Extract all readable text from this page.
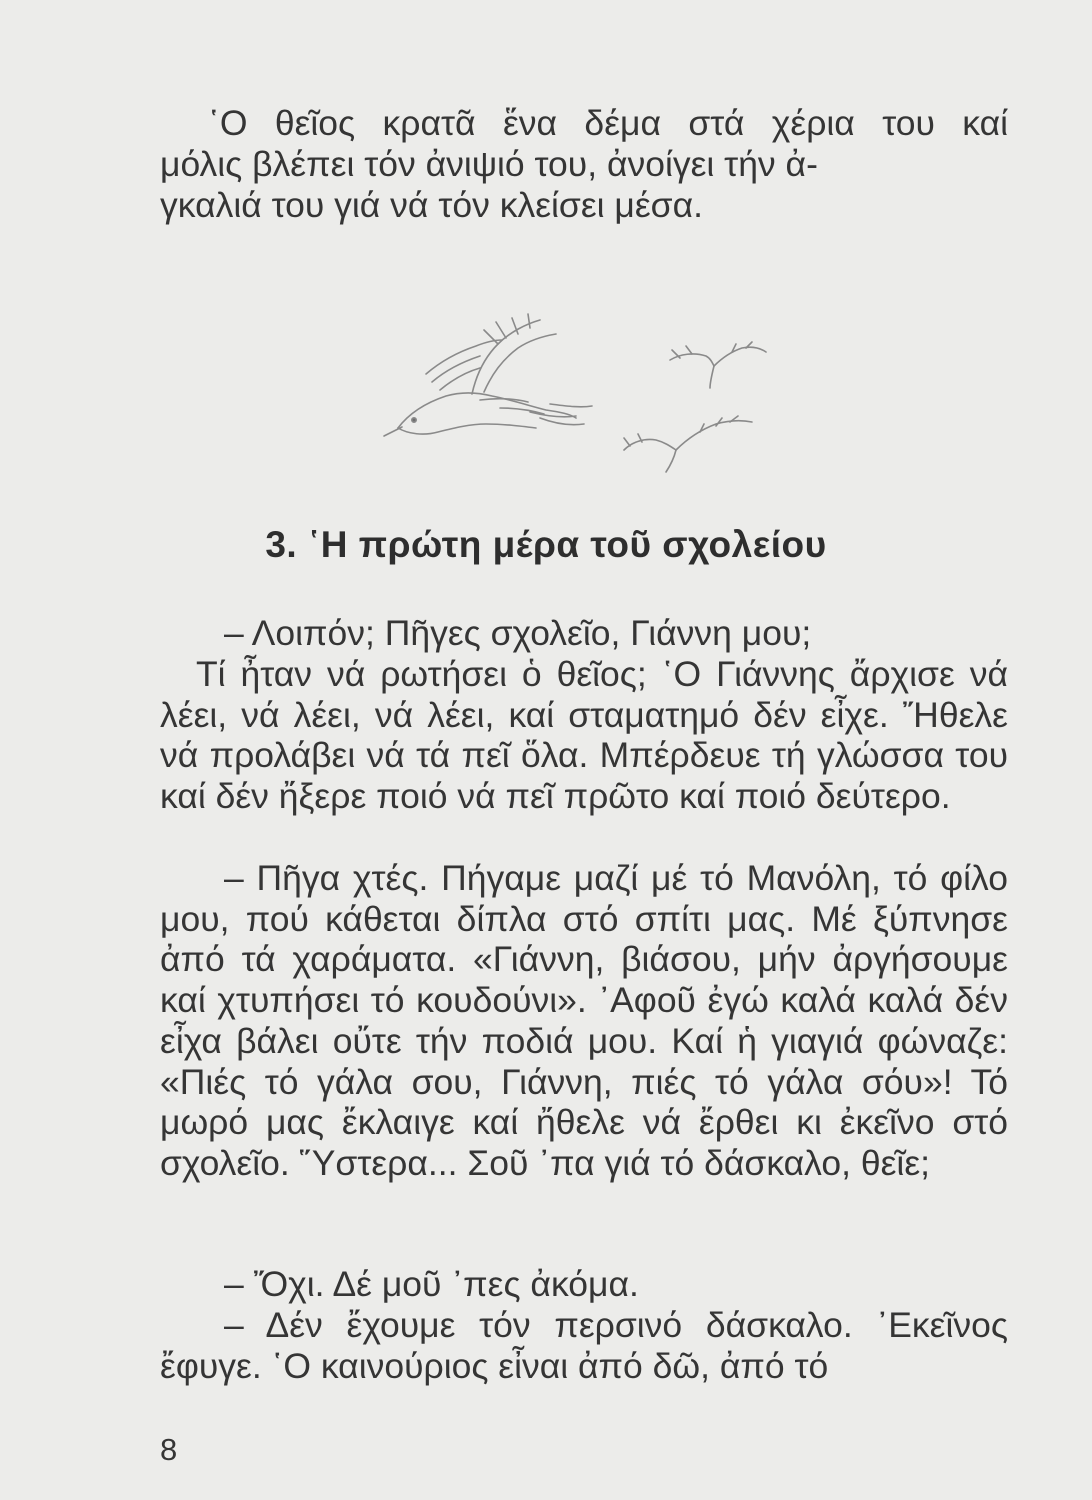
῾Ο θεῖος κρατᾶ ἕνα δέμα στά χέρια του καί
μόλις βλέπει τόν ἀνιψιό του, ἀνοίγει τήν ἀ-

γκαλιά του γιά νά τόν κλείσει μέσα.

3. ῾Η πρώτη μέρα τοῦ σχολείου

– Λοιπόν; Πῆγες σχολεῖο, Γιάννη μου;

Τί ἦταν νά ρωτήσει ὁ θεῖος; ῾Ο Γιάννης ἄρχισε νά λέει, νά λέει, νά λέει, καί σταματημό δέν εἶχε. Ἤθελε νά προλάβει νά τά πεῖ ὅλα. Μπέρδευε τή γλώσσα του καί δέν ἤξερε ποιό νά πεῖ πρῶτο καί ποιό δεύτερο.

– Πῆγα χτές. Πήγαμε μαζί μέ τό Μανόλη, τό φίλο μου, πού κάθεται δίπλα στό σπίτι μας. Μέ ξύπνησε ἀπό τά χαράματα. «Γιάννη, βιάσου, μήν ἀργήσουμε καί χτυπήσει τό κουδούνι». ᾽Αφοῦ ἐγώ καλά καλά δέν εἶχα βάλει οὔτε τήν ποδιά μου. Καί ἡ γιαγιά φώναζε: «Πιές τό γάλα σου, Γιάννη, πιές τό γάλα σόυ»! Τό μωρό μας ἔκλαιγε καί ἤθελε νά ἔρθει κι ἐκεῖνο στό σχολεῖο. Ὕστερα... Σοῦ ᾽πα γιά τό δάσκαλο, θεῖε;

– Ὄχι. Δέ μοῦ ᾽πες ἀκόμα.

– Δέν ἔχουμε τόν περσινό δάσκαλο. ᾽Εκεῖνος ἔφυγε. ῾Ο καινούριος εἶναι ἀπό δῶ, ἀπό τό

8
